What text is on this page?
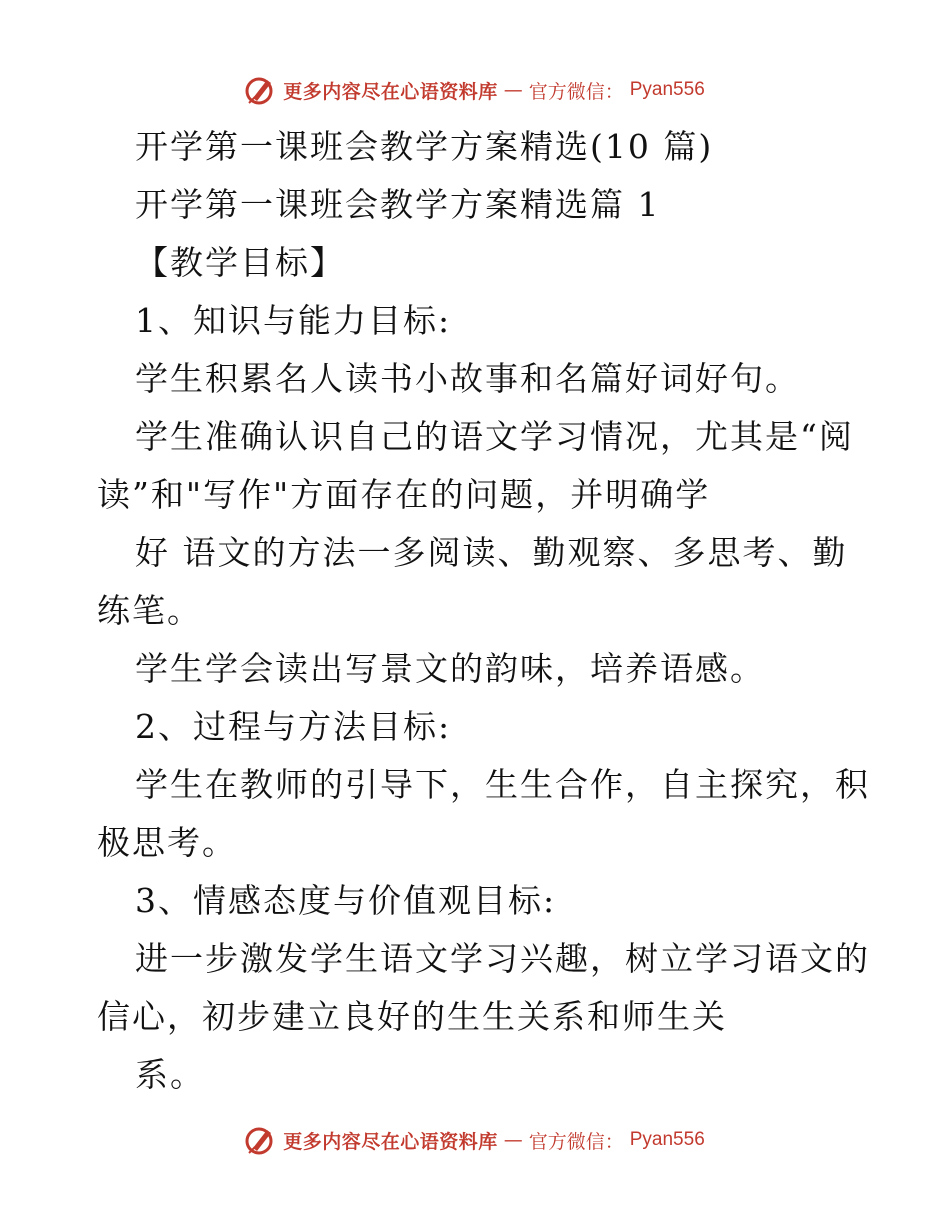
更多内容尽在心语资料库 — 官方微信： Pyan556
开学第一课班会教学方案精选(10 篇)
开学第一课班会教学方案精选篇 1
【教学目标】
1、知识与能力目标:
学生积累名人读书小故事和名篇好词好句。
学生准确认识自己的语文学习情况，尤其是“阅
读”和"写作"方面存在的问题，并明确学
好 语文的方法一多阅读、勤观察、多思考、勤
练笔。
学生学会读出写景文的韵味，培养语感。
2、过程与方法目标:
学生在教师的引导下，生生合作，自主探究，积
极思考。
3、情感态度与价值观目标:
进一步激发学生语文学习兴趣，树立学习语文的
信心，初步建立良好的生生关系和师生关
系。
更多内容尽在心语资料库 — 官方微信： Pyan556
